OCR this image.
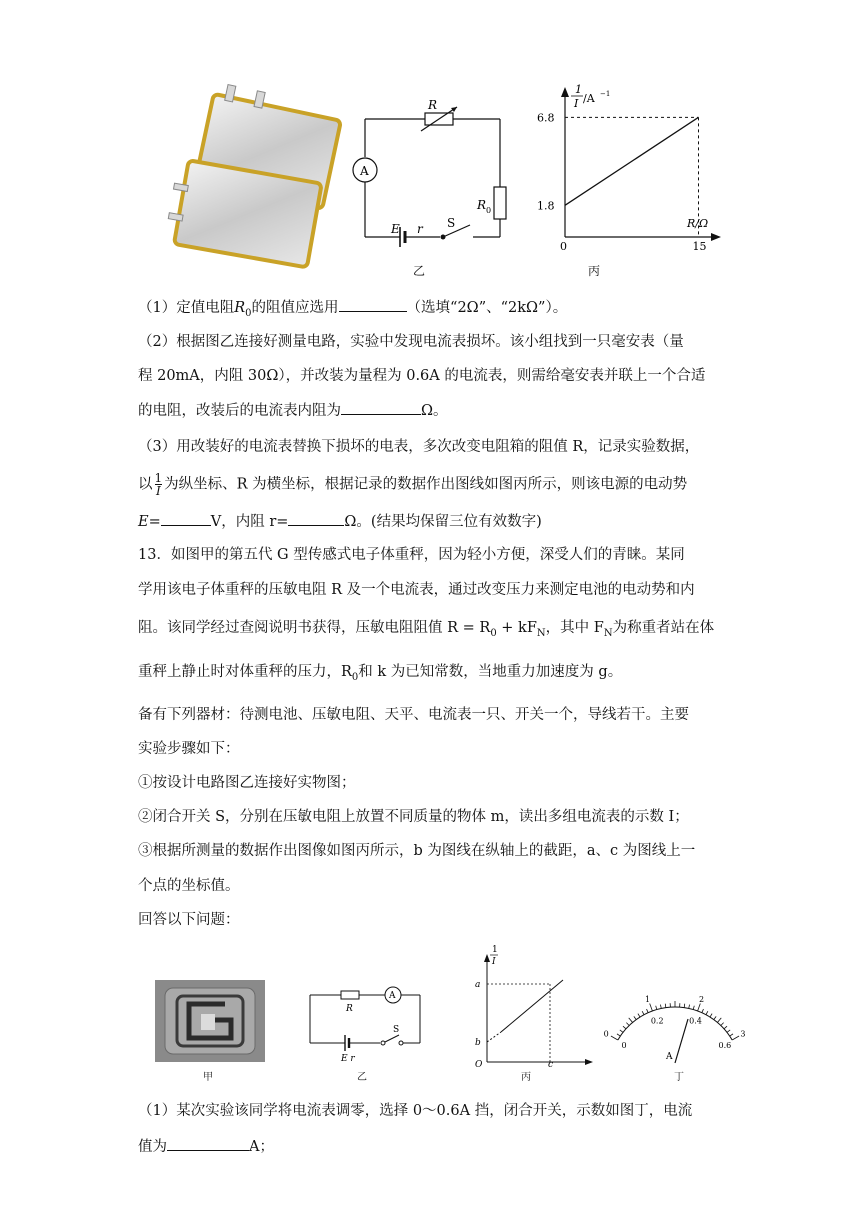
R
A
R 0
E r S
乙
6.8
1.8
15
1
I /A −1
R/Ω
0
丙
（1）定值电阻$R_0$的阻值应选用	（选填“2Ω”、“2kΩ”）。
（2）根据图乙连接好测量电路，实验中发现电流表损坏。该小组找到一只毫安表（量
程 20mA，内阻 30Ω），并改装为量程为 0.6A 的电流表，则需给毫安表并联上一个合适
的电阻，改装后的电流表内阻为	Ω。
（3）用改装好的电流表替换下损坏的电表，多次改变电阻箱的阻值 R，记录实验数据，
以 $\frac{1}{I}$ 为纵坐标、R 为横坐标，根据记录的数据作出图线如图丙所示，则该电源的电动势
E=	V，内阻 r=	Ω。(结果均保留三位有效数字)
13．如图甲的第五代 G 型传感式电子体重秤，因为轻小方便，深受人们的青睐。某同
学用该电子体重秤的压敏电阻 R 及一个电流表，通过改变压力来测定电池的电动势和内
阻。该同学经过查阅说明书获得，压敏电阻阻值 $R = R_0 + kF_N$，其中 $F_N$为称重者站在体
重秤上静止时对体重秤的压力，$R_0$和 k 为已知常数，当地重力加速度为 g。
备有下列器材：待测电池、压敏电阻、天平、电流表一只、开关一个，导线若干。主要
实验步骤如下：
①按设计电路图乙连接好实物图；
②闭合开关 S，分别在压敏电阻上放置不同质量的物体 m，读出多组电流表的示数 I；
③根据所测量的数据作出图像如图丙所示，b 为图线在纵轴上的截距，a、c 为图线上一
个点的坐标值。
回答以下问题：
甲
R
A
S
E r
乙
1
I
a
b
c
O
丙
0
1	2
3
0
0.2	0.4
0.6
A
丁
（1）某次实验该同学将电流表调零，选择 0～0.6A 挡，闭合开关，示数如图丁，电流
值为	A；
